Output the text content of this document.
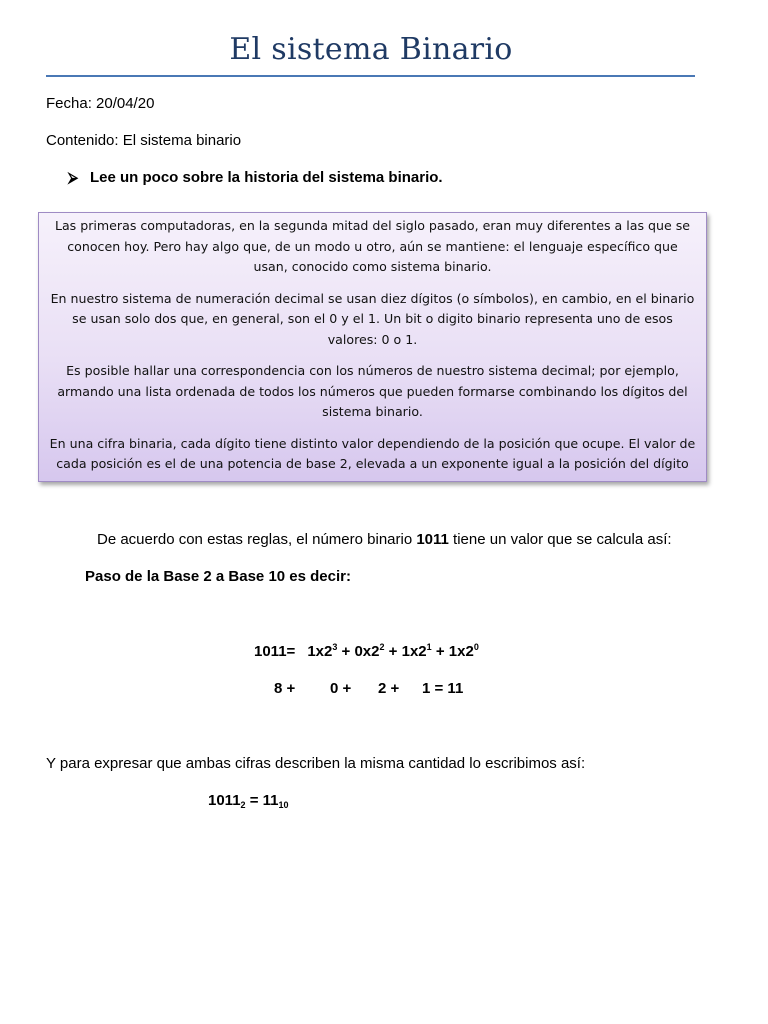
El sistema Binario
Fecha: 20/04/20
Contenido: El sistema binario
⮚ Lee un poco sobre la historia del sistema binario.

Las primeras computadoras, en la segunda mitad del siglo pasado, eran muy diferentes a las que se conocen hoy. Pero hay algo que, de un modo u otro, aún se mantiene: el lenguaje específico que usan, conocido como sistema binario.

En nuestro sistema de numeración decimal se usan diez dígitos (o símbolos), en cambio, en el binario se usan solo dos que, en general, son el 0 y el 1. Un bit o digito binario representa uno de esos valores: 0 o 1.

Es posible hallar una correspondencia con los números de nuestro sistema decimal; por ejemplo, armando una lista ordenada de todos los números que pueden formarse combinando los dígitos del sistema binario.

En una cifra binaria, cada dígito tiene distinto valor dependiendo de la posición que ocupe. El valor de cada posición es el de una potencia de base 2, elevada a un exponente igual a la posición del dígito

De acuerdo con estas reglas, el número binario 1011 tiene un valor que se calcula así:
Paso de la Base 2 a Base 10 es decir:
$1011= 1x2^3 + 0x2^2 + 1x2^1 + 1x2^0$
8 + 0 + 2 + 1 = 11
Y para expresar que ambas cifras describen la misma cantidad lo escribimos así:
$1011_2 = 11_{10}$
